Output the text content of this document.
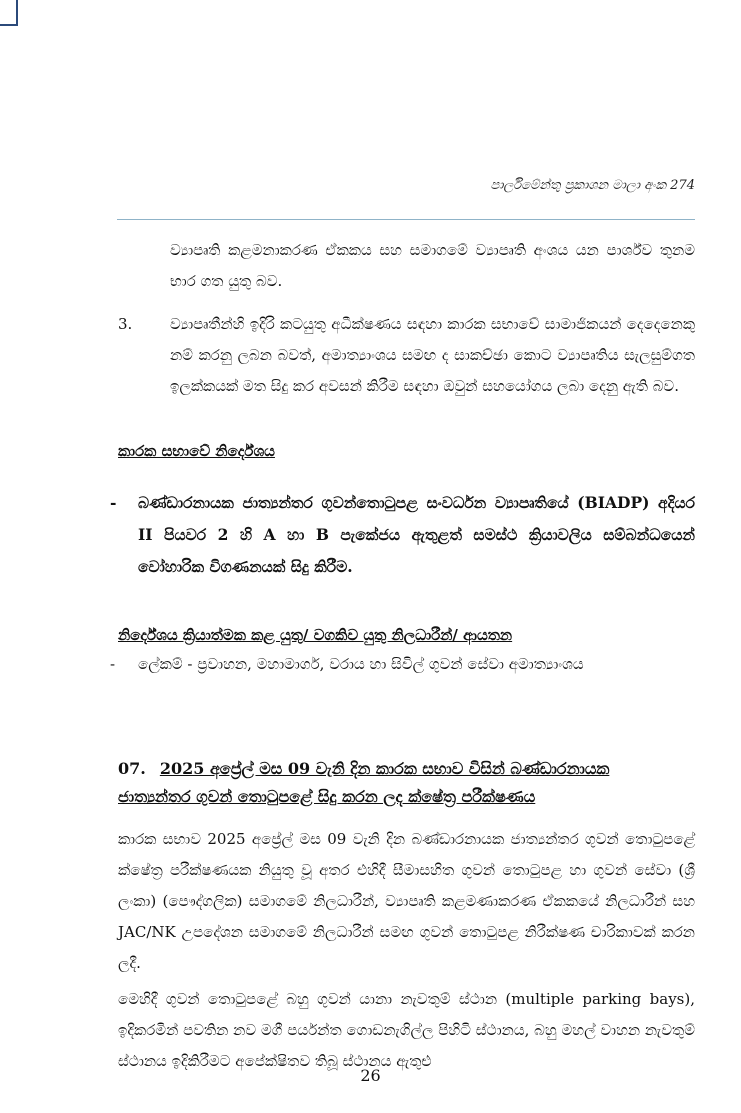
පාර්ලිමේන්තු ප්‍රකාශන මාලා අංක 274
ව්‍යාපෘති කළමනාකරණ ඒකකය සහ සමාගමේ ව්‍යාපෘති අංශය යන පාර්ශ්ව තුනම භාර ගත යුතු බව.
3.	ව්‍යාපෘතීන්හි ඉදිරි කටයුතු අධීක්ෂණය සඳහා කාරක සභාවේ සාමාජිකයන් දෙදෙනෙකු නම් කරනු ලබන බවත්, අමාත්‍යාංශය සමඟ ද සාකච්ඡා කොට ව්‍යාපෘතිය සැලසුම්ගත ඉලක්කයක් මත සිදු කර අවසන් කිරීම සඳහා ඔවුන් සහයෝගය ලබා දෙනු ඇති බව.
කාරක සභාවේ නිර්දේශය
- බණ්ඩාරනායක ජාත්‍යන්තර ගුවන්තොටුපළ සංවර්ධන ව්‍යාපෘතියේ (BIADP) අදියර II පියවර 2 හි A හා B පැකේජය ඇතුළත් සමස්ථ ක්‍රියාවලිය සම්බන්ධයෙන් වෝහාරික විගණනයක් සිදු කිරීම.
නිර්දේශය ක්‍රියාත්මක කළ යුතු/ වගකිව යුතු නිලධාරීන්/ ආයතන
- ලේකම් - ප්‍රවාහන, මහාමාර්ග, වරාය හා සිවිල් ගුවන් සේවා අමාත්‍යාංශය
07. 2025 අප්‍රේල් මස 09 වැනි දින කාරක සභාව විසින් බණ්ඩාරනායක
ජාත්‍යන්තර ගුවන් තොටුපළේ සිදු කරන ලද ක්ෂේත්‍ර පරීක්ෂණය
කාරක සභාව 2025 අප්‍රේල් මස 09 වැනි දින බණ්ඩාරනායක ජාත්‍යන්තර ගුවන් තොටුපළේ ක්ෂේත්‍ර පරීක්ෂණයක නියුතු වූ අතර එහිදී සීමාසහිත ගුවන් තොටුපළ හා ගුවන් සේවා (ශ්‍රී ලංකා) (පෞද්ගලික) සමාගමේ නිලධාරීන්, ව්‍යාපෘති කළමණාකරණ ඒකකයේ නිලධාරීන් සහ JAC/NK උපදේශන සමාගමේ නිලධාරීන් සමඟ ගුවන් තොටුපළ නිරීක්ෂණ චාරිකාවක් කරන ලදී.
මෙහිදී ගුවන් තොටුපළේ බහු ගුවන් යානා නැවතුම් ස්ථාන (multiple parking bays), ඉදිකරමින් පවතින නව මගී පර්යන්ත ගොඩනැගිල්ල පිහිටි ස්ථානය, බහු මහල් වාහන නැවතුම් ස්ථානය ඉදිකිරීමට අපේක්ෂිතව තිබූ ස්ථානය ඇතුළු
26
